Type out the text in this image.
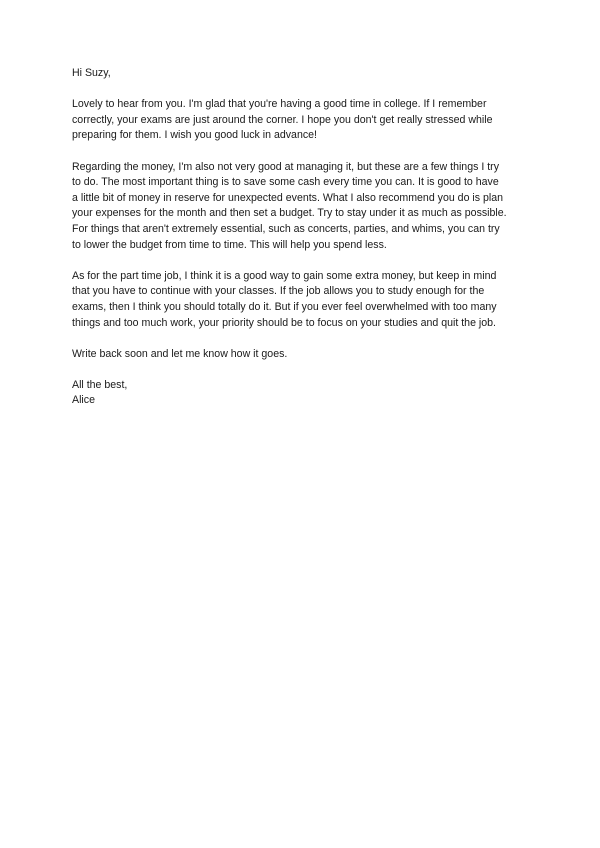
Hi Suzy,
Lovely to hear from you. I'm glad that you're having a good time in college. If I remember
correctly, your exams are just around the corner. I hope you don't get really stressed while
preparing for them. I wish you good luck in advance!
Regarding the money, I'm also not very good at managing it, but these are a few things I try
to do. The most important thing is to save some cash every time you can. It is good to have
a little bit of money in reserve for unexpected events. What I also recommend you do is plan
your expenses for the month and then set a budget. Try to stay under it as much as possible.
For things that aren't extremely essential, such as concerts, parties, and whims, you can try
to lower the budget from time to time. This will help you spend less.
As for the part time job, I think it is a good way to gain some extra money, but keep in mind
that you have to continue with your classes. If the job allows you to study enough for the
exams, then I think you should totally do it. But if you ever feel overwhelmed with too many
things and too much work, your priority should be to focus on your studies and quit the job.
Write back soon and let me know how it goes.
All the best,
Alice
